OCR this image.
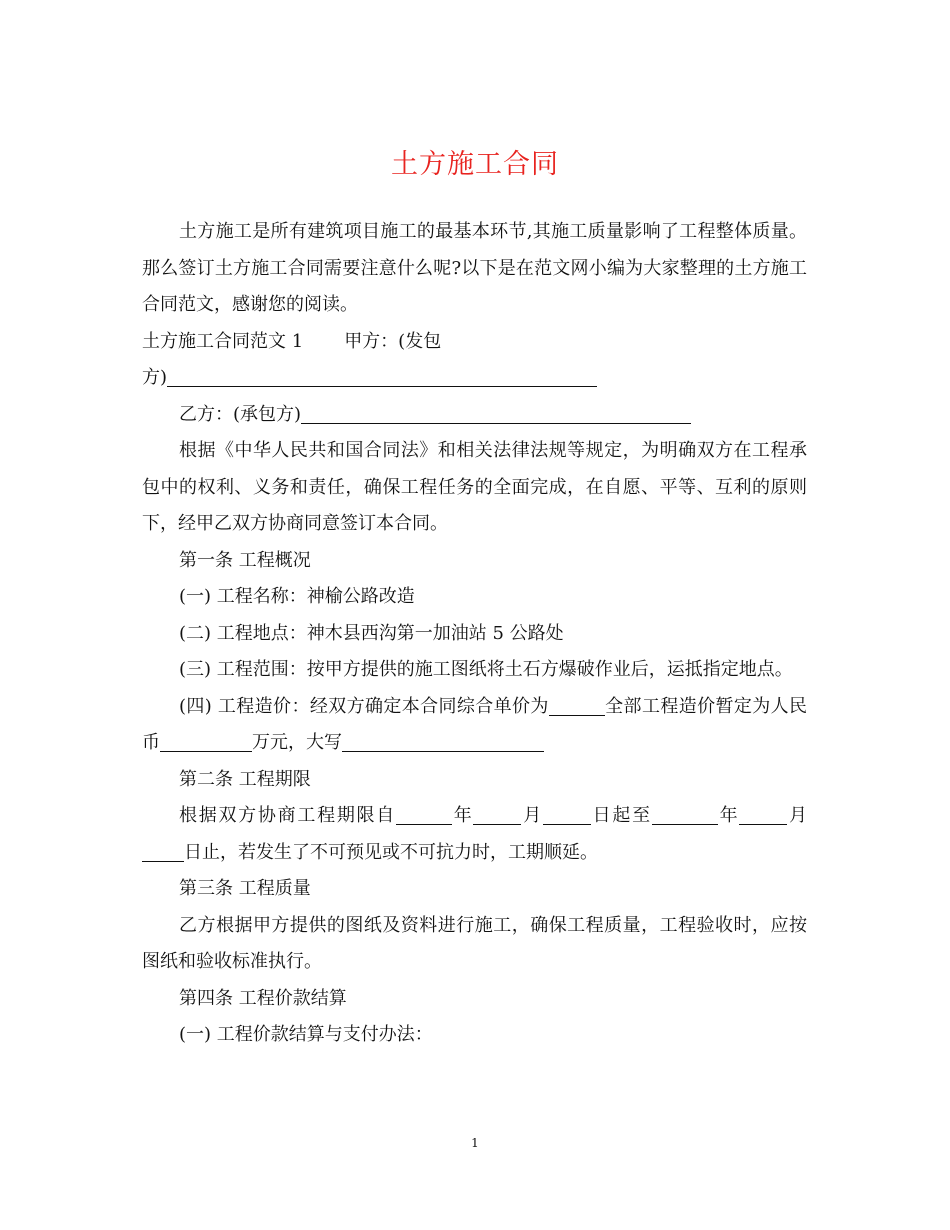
土方施工合同

土方施工是所有建筑项目施工的最基本环节,其施工质量影响了工程整体质量。那么签订土方施工合同需要注意什么呢?以下是在范文网小编为大家整理的土方施工合同范文，感谢您的阅读。

土方施工合同范文 1 甲方：(发包

方)

乙方：(承包方)

根据《中华人民共和国合同法》和相关法律法规等规定，为明确双方在工程承包中的权利、义务和责任，确保工程任务的全面完成，在自愿、平等、互利的原则下，经甲乙双方协商同意签订本合同。

第一条 工程概况

(一) 工程名称：神榆公路改造

(二) 工程地点：神木县西沟第一加油站 5 公路处

(三) 工程范围：按甲方提供的施工图纸将土石方爆破作业后，运抵指定地点。

(四) 工程造价：经双方确定本合同综合单价为	全部工程造价暂定为人民币	万元，大写

第二条 工程期限

根据双方协商工程期限自	年	月	日起至	年	月日止，若发生了不可预见或不可抗力时，工期顺延。

第三条 工程质量

乙方根据甲方提供的图纸及资料进行施工，确保工程质量，工程验收时，应按图纸和验收标准执行。

第四条 工程价款结算

(一) 工程价款结算与支付办法：

1
